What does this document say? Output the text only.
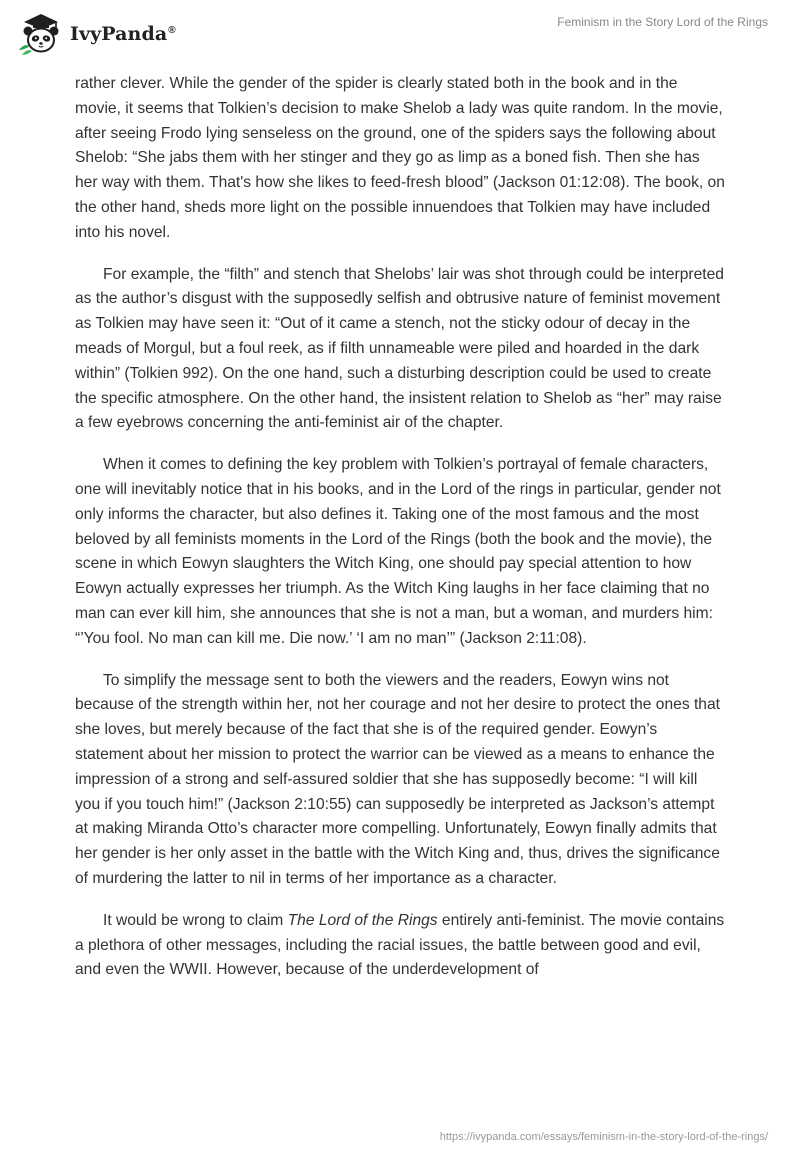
IvyPanda®
Feminism in the Story Lord of the Rings

rather clever. While the gender of the spider is clearly stated both in the book and in the movie, it seems that Tolkien’s decision to make Shelob a lady was quite random. In the movie, after seeing Frodo lying senseless on the ground, one of the spiders says the following about Shelob: “She jabs them with her stinger and they go as limp as a boned fish. Then she has her way with them. That's how she likes to feed-fresh blood” (Jackson 01:12:08). The book, on the other hand, sheds more light on the possible innuendoes that Tolkien may have included into his novel.

For example, the “filth” and stench that Shelobs’ lair was shot through could be interpreted as the author’s disgust with the supposedly selfish and obtrusive nature of feminist movement as Tolkien may have seen it: “Out of it came a stench, not the sticky odour of decay in the meads of Morgul, but a foul reek, as if filth unnameable were piled and hoarded in the dark within” (Tolkien 992). On the one hand, such a disturbing description could be used to create the specific atmosphere. On the other hand, the insistent relation to Shelob as “her” may raise a few eyebrows concerning the anti-feminist air of the chapter.

When it comes to defining the key problem with Tolkien’s portrayal of female characters, one will inevitably notice that in his books, and in the Lord of the rings in particular, gender not only informs the character, but also defines it. Taking one of the most famous and the most beloved by all feminists moments in the Lord of the Rings (both the book and the movie), the scene in which Eowyn slaughters the Witch King, one should pay special attention to how Eowyn actually expresses her triumph. As the Witch King laughs in her face claiming that no man can ever kill him, she announces that she is not a man, but a woman, and murders him: “’You fool. No man can kill me. Die now.’ ‘I am no man’” (Jackson 2:11:08).

To simplify the message sent to both the viewers and the readers, Eowyn wins not because of the strength within her, not her courage and not her desire to protect the ones that she loves, but merely because of the fact that she is of the required gender. Eowyn’s statement about her mission to protect the warrior can be viewed as a means to enhance the impression of a strong and self-assured soldier that she has supposedly become: “I will kill you if you touch him!” (Jackson 2:10:55) can supposedly be interpreted as Jackson’s attempt at making Miranda Otto’s character more compelling. Unfortunately, Eowyn finally admits that her gender is her only asset in the battle with the Witch King and, thus, drives the significance of murdering the latter to nil in terms of her importance as a character.

It would be wrong to claim The Lord of the Rings entirely anti-feminist. The movie contains a plethora of other messages, including the racial issues, the battle between good and evil, and even the WWII. However, because of the underdevelopment of

https://ivypanda.com/essays/feminism-in-the-story-lord-of-the-rings/
